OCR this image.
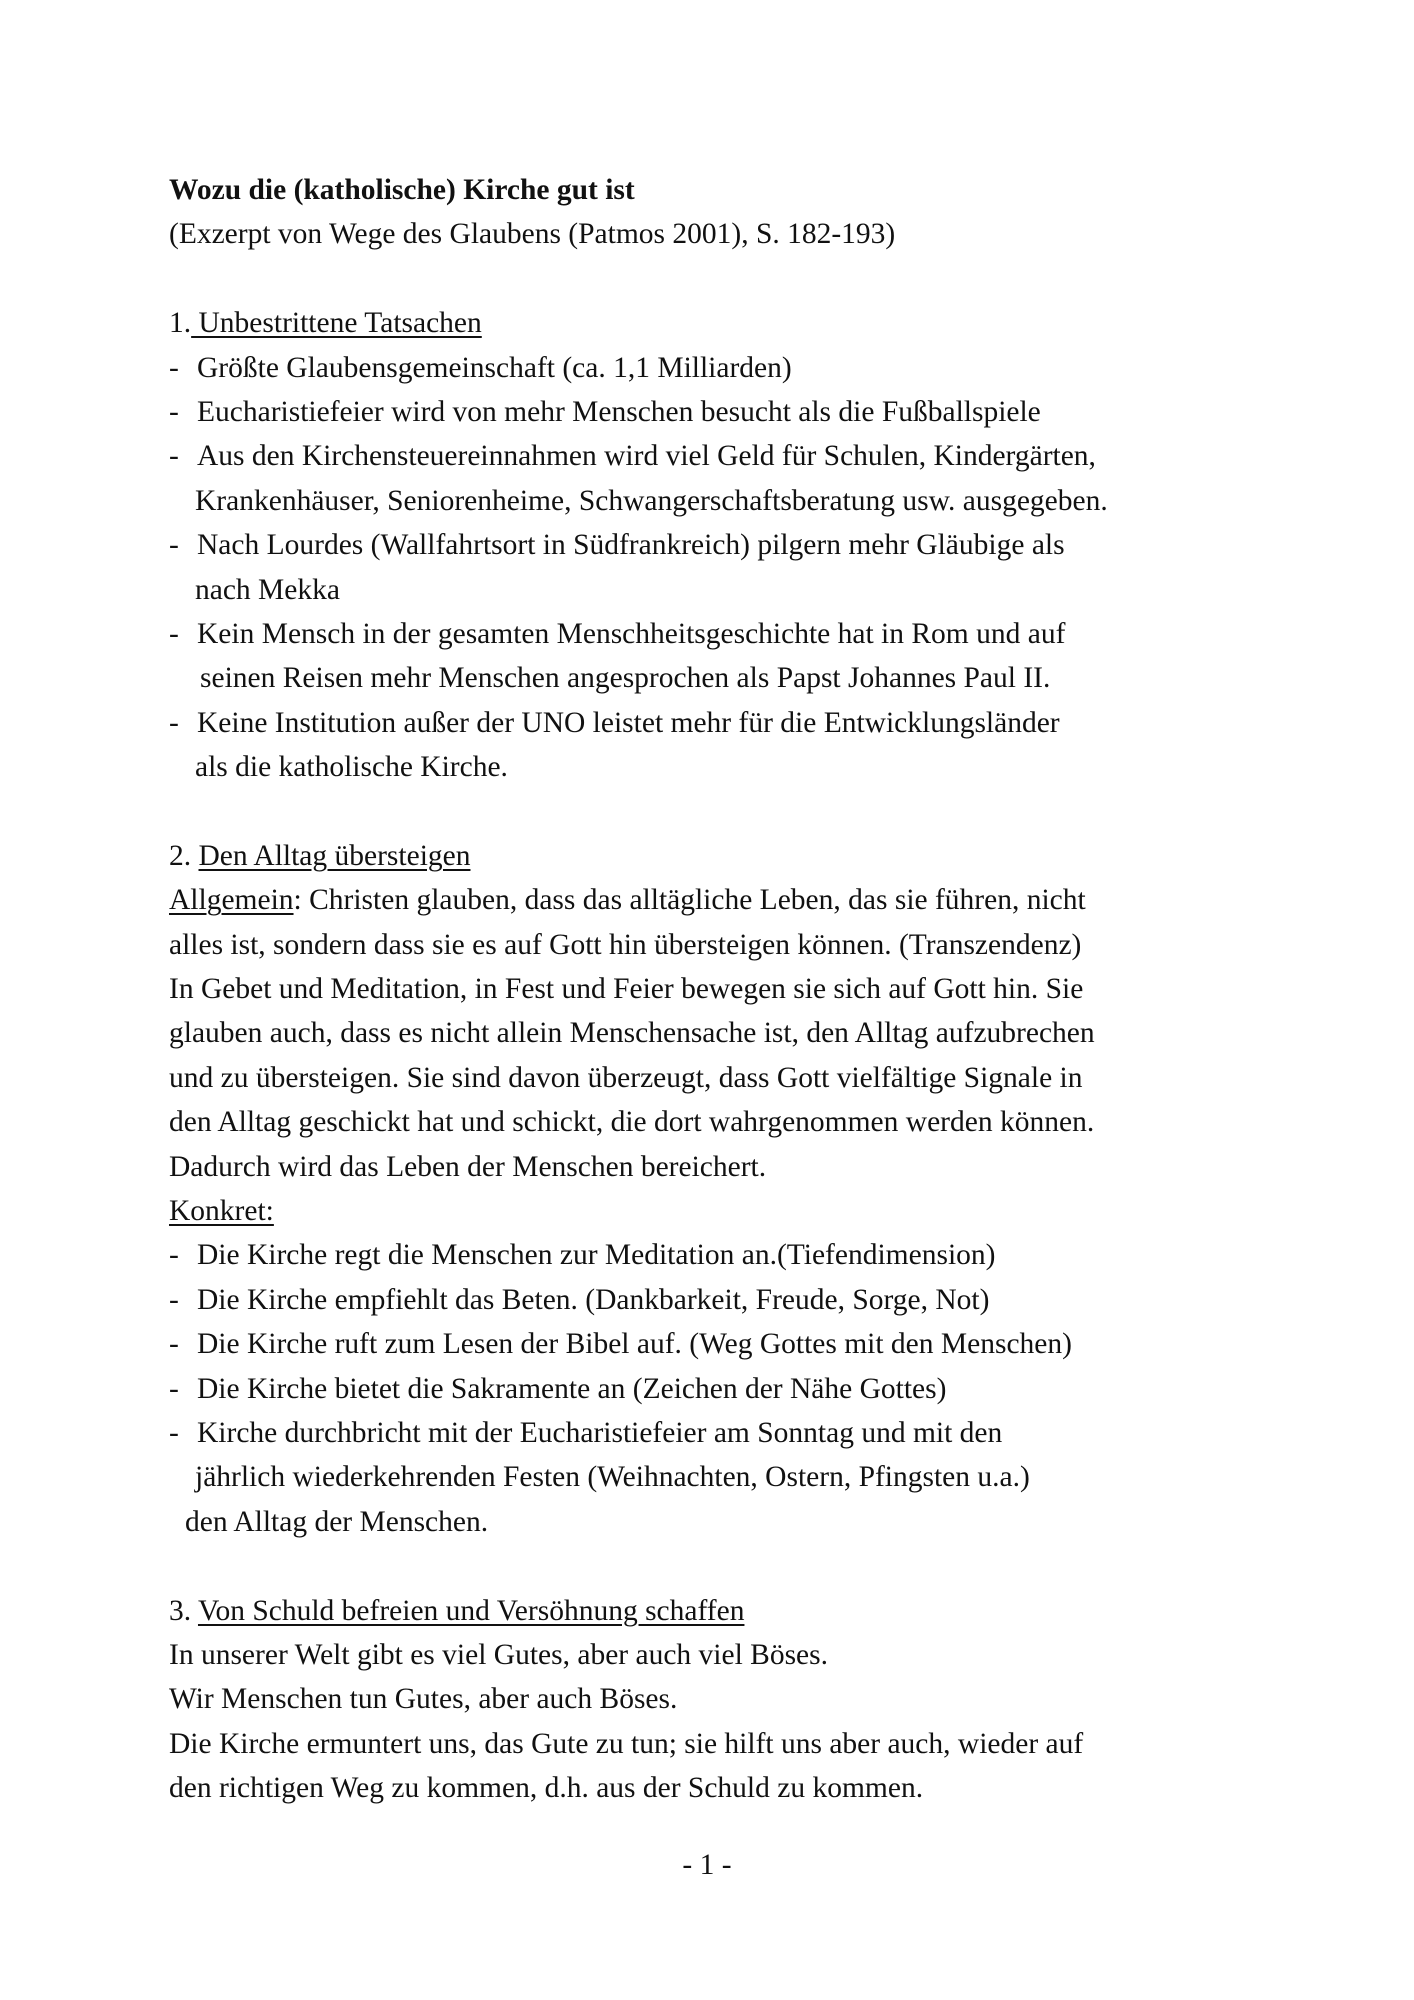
Wozu die (katholische) Kirche gut ist
(Exzerpt von Wege des Glaubens (Patmos 2001), S. 182-193)
1. Unbestrittene Tatsachen
- Größte Glaubensgemeinschaft (ca. 1,1 Milliarden)
- Eucharistiefeier wird von mehr Menschen besucht als die Fußballspiele
- Aus den Kirchensteuereinnahmen wird viel Geld für Schulen, Kindergärten,
Krankenhäuser, Seniorenheime, Schwangerschaftsberatung usw. ausgegeben.
- Nach Lourdes (Wallfahrtsort in Südfrankreich) pilgern mehr Gläubige als
nach Mekka
- Kein Mensch in der gesamten Menschheitsgeschichte hat in Rom und auf
seinen Reisen mehr Menschen angesprochen als Papst Johannes Paul II.
- Keine Institution außer der UNO leistet mehr für die Entwicklungsländer
als die katholische Kirche.
2. Den Alltag übersteigen
Allgemein: Christen glauben, dass das alltägliche Leben, das sie führen, nicht
alles ist, sondern dass sie es auf Gott hin übersteigen können. (Transzendenz)
In Gebet und Meditation, in Fest und Feier bewegen sie sich auf Gott hin. Sie
glauben auch, dass es nicht allein Menschensache ist, den Alltag aufzubrechen
und zu übersteigen. Sie sind davon überzeugt, dass Gott vielfältige Signale in
den Alltag geschickt hat und schickt, die dort wahrgenommen werden können.
Dadurch wird das Leben der Menschen bereichert.
Konkret:
- Die Kirche regt die Menschen zur Meditation an.(Tiefendimension)
- Die Kirche empfiehlt das Beten. (Dankbarkeit, Freude, Sorge, Not)
- Die Kirche ruft zum Lesen der Bibel auf. (Weg Gottes mit den Menschen)
- Die Kirche bietet die Sakramente an (Zeichen der Nähe Gottes)
- Kirche durchbricht mit der Eucharistiefeier am Sonntag und mit den
jährlich wiederkehrenden Festen (Weihnachten, Ostern, Pfingsten u.a.)
den Alltag der Menschen.
3. Von Schuld befreien und Versöhnung schaffen
In unserer Welt gibt es viel Gutes, aber auch viel Böses.
Wir Menschen tun Gutes, aber auch Böses.
Die Kirche ermuntert uns, das Gute zu tun; sie hilft uns aber auch, wieder auf
den richtigen Weg zu kommen, d.h. aus der Schuld zu kommen.
- 1 -
